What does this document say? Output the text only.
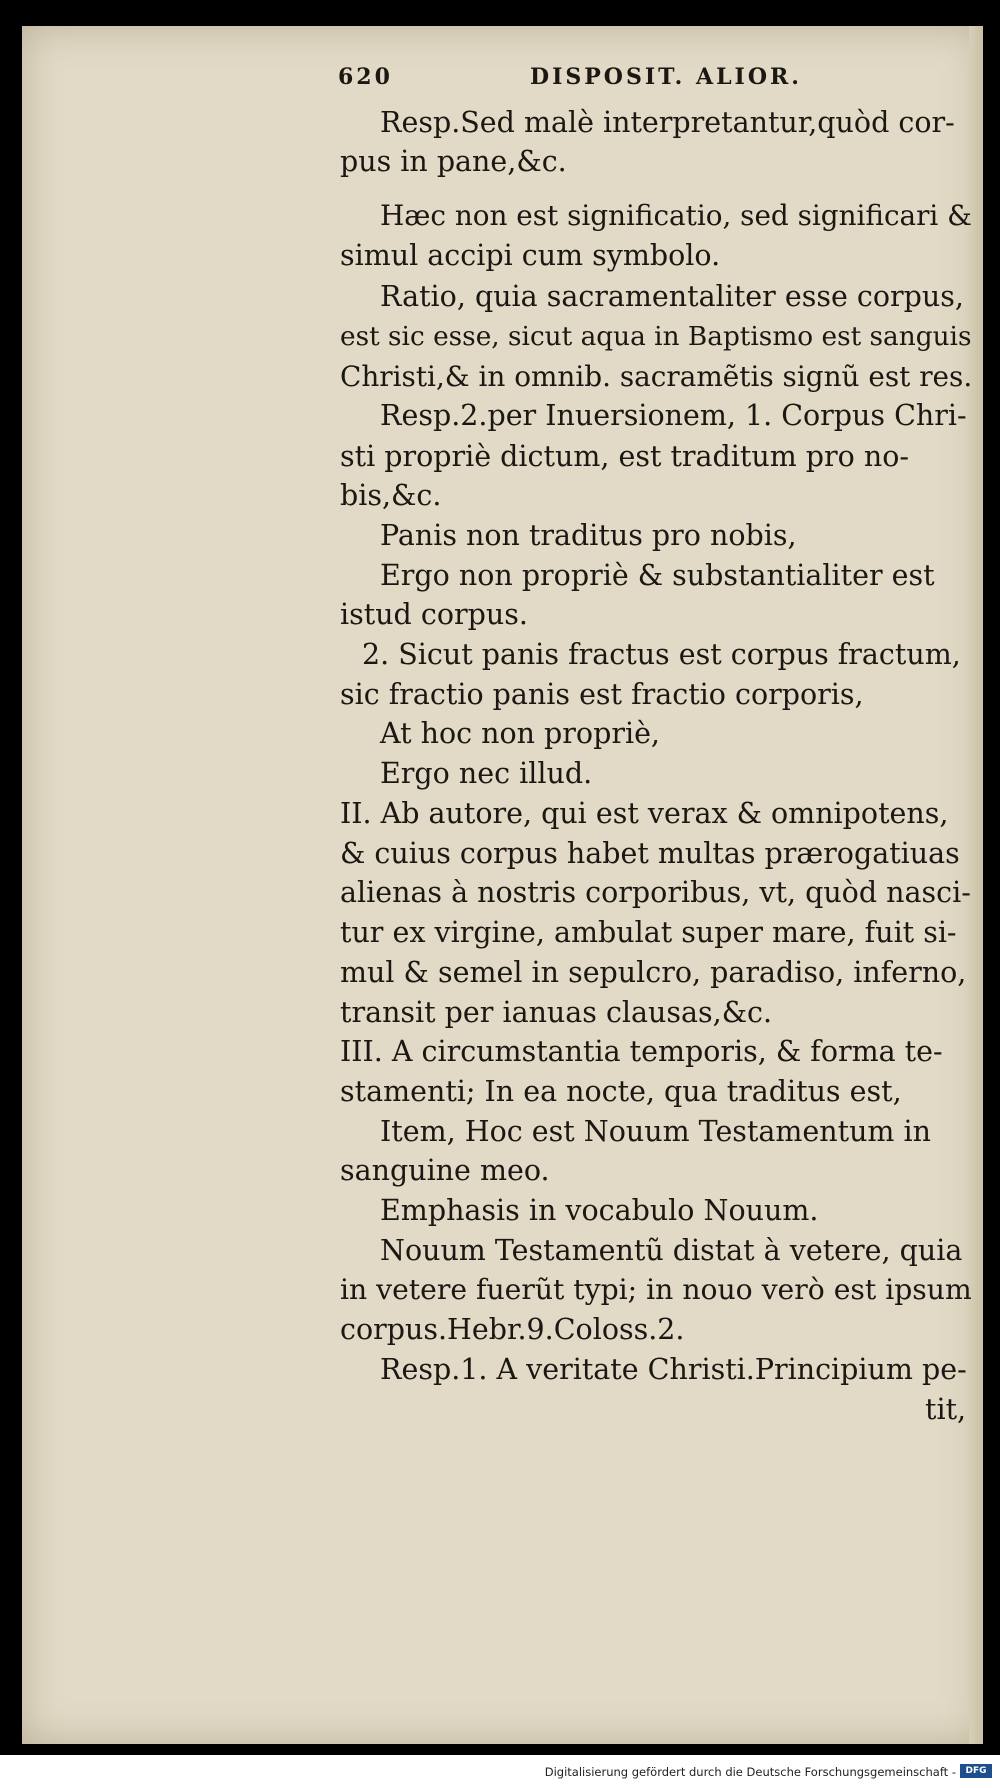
620	DISPOSIT. ALIOR.
Resp.Sed malè interpretantur,quòd cor-
pus in pane,&c.
Hæc non est significatio, sed significari &
simul accipi cum symbolo.
Ratio, quia sacramentaliter esse corpus,
est sic esse, sicut aqua in Baptismo est sanguis
Christi,& in omnib. sacramẽtis signũ est res.
Resp.2.per Inuersionem, 1. Corpus Chri-
sti propriè dictum, est traditum pro no-
bis,&c.
Panis non traditus pro nobis,
Ergo non propriè & substantialiter est
istud corpus.
2. Sicut panis fractus est corpus fractum,
sic fractio panis est fractio corporis,
At hoc non propriè,
Ergo nec illud.
II. Ab autore, qui est verax & omnipotens,
& cuius corpus habet multas prærogatiuas
alienas à nostris corporibus, vt, quòd nasci-
tur ex virgine, ambulat super mare, fuit si-
mul & semel in sepulcro, paradiso, inferno,
transit per ianuas clausas,&c.
III. A circumstantia temporis, & forma te-
stamenti; In ea nocte, qua traditus est,
Item, Hoc est Nouum Testamentum in
sanguine meo.
Emphasis in vocabulo Nouum.
Nouum Testamentũ distat à vetere, quia
in vetere fuerũt typi; in nouo verò est ipsum
corpus.Hebr.9.Coloss.2.
Resp.1. A veritate Christi.Principium pe-
tit,
Digitalisierung gefördert durch die Deutsche Forschungsgemeinschaft -	DFG
